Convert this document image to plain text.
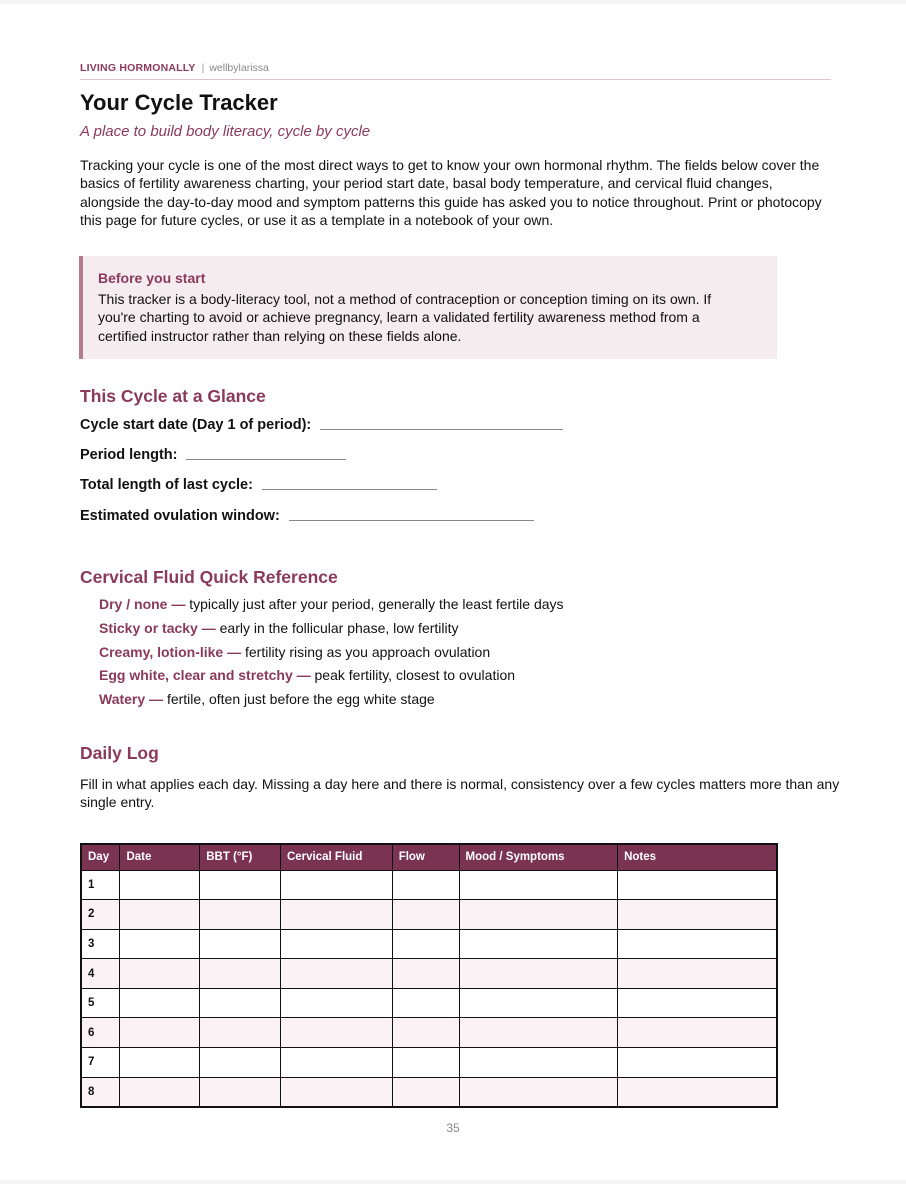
LIVING HORMONALLY | wellbylarissa
Your Cycle Tracker
A place to build body literacy, cycle by cycle
Tracking your cycle is one of the most direct ways to get to know your own hormonal rhythm. The fields below cover the basics of fertility awareness charting, your period start date, basal body temperature, and cervical fluid changes, alongside the day-to-day mood and symptom patterns this guide has asked you to notice throughout. Print or photocopy this page for future cycles, or use it as a template in a notebook of your own.
Before you start
This tracker is a body-literacy tool, not a method of contraception or conception timing on its own. If you're charting to avoid or achieve pregnancy, learn a validated fertility awareness method from a certified instructor rather than relying on these fields alone.
This Cycle at a Glance
Cycle start date (Day 1 of period):
Period length:
Total length of last cycle:
Estimated ovulation window:
Cervical Fluid Quick Reference
Dry / none — typically just after your period, generally the least fertile days
Sticky or tacky — early in the follicular phase, low fertility
Creamy, lotion-like — fertility rising as you approach ovulation
Egg white, clear and stretchy — peak fertility, closest to ovulation
Watery — fertile, often just before the egg white stage
Daily Log
Fill in what applies each day. Missing a day here and there is normal, consistency over a few cycles matters more than any single entry.
Day	Date	BBT (°F)	Cervical Fluid	Flow	Mood / Symptoms	Notes
1						
2						
3						
4						
5						
6						
7						
8						
35
